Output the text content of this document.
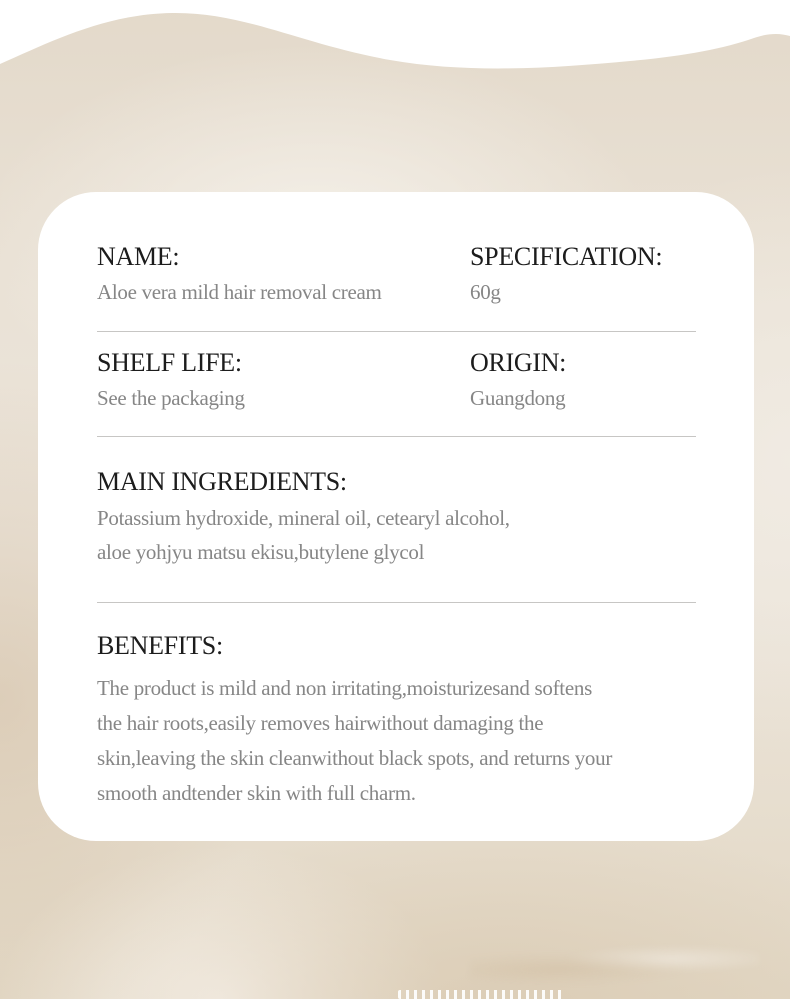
NAME:
Aloe vera mild hair removal cream
SPECIFICATION:
60g
SHELF LIFE:
See the packaging
ORIGIN:
Guangdong
MAIN INGREDIENTS:
Potassium hydroxide, mineral oil, cetearyl alcohol,
aloe yohjyu matsu ekisu,butylene glycol
BENEFITS:
The product is mild and non irritating,moisturizesand softens
the hair roots,easily removes hairwithout damaging the
skin,leaving the skin cleanwithout black spots, and returns your
smooth andtender skin with full charm.
